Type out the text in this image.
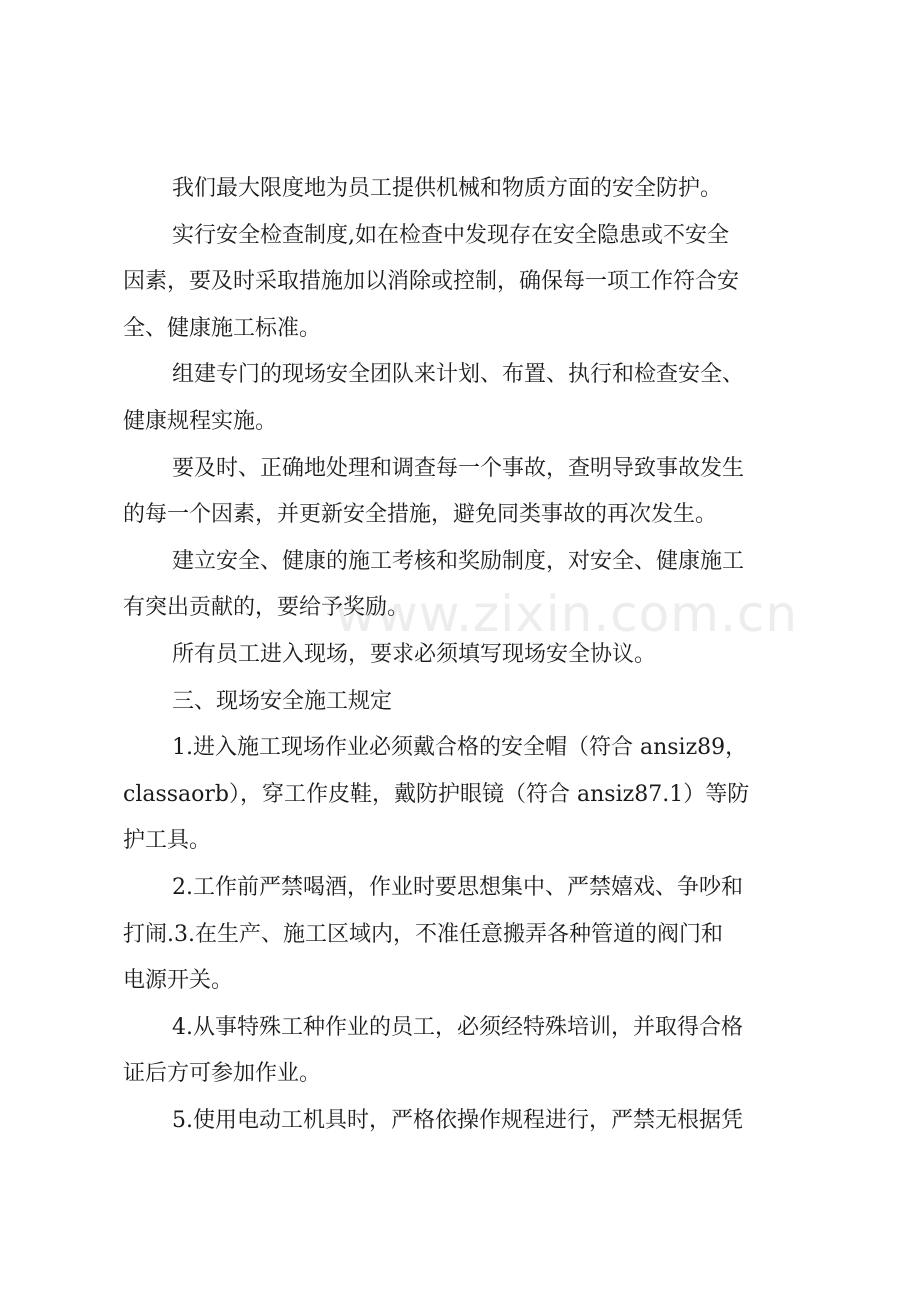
www.zixin.com.cn
我们最大限度地为员工提供机械和物质方面的安全防护。
实行安全检查制度,如在检查中发现存在安全隐患或不安全
因素，要及时采取措施加以消除或控制，确保每一项工作符合安
全、健康施工标准。
组建专门的现场安全团队来计划、布置、执行和检查安全、
健康规程实施。
要及时、正确地处理和调查每一个事故，查明导致事故发生
的每一个因素，并更新安全措施，避免同类事故的再次发生。
建立安全、健康的施工考核和奖励制度，对安全、健康施工
有突出贡献的，要给予奖励。
所有员工进入现场，要求必须填写现场安全协议。
三、现场安全施工规定
1.进入施工现场作业必须戴合格的安全帽（符合 ansiz89，
classaorb），穿工作皮鞋，戴防护眼镜（符合 ansiz87.1）等防
护工具。
2.工作前严禁喝酒，作业时要思想集中、严禁嬉戏、争吵和
打闹.3.在生产、施工区域内，不准任意搬弄各种管道的阀门和
电源开关。
4.从事特殊工种作业的员工，必须经特殊培训，并取得合格
证后方可参加作业。
5.使用电动工机具时，严格依操作规程进行，严禁无根据凭
